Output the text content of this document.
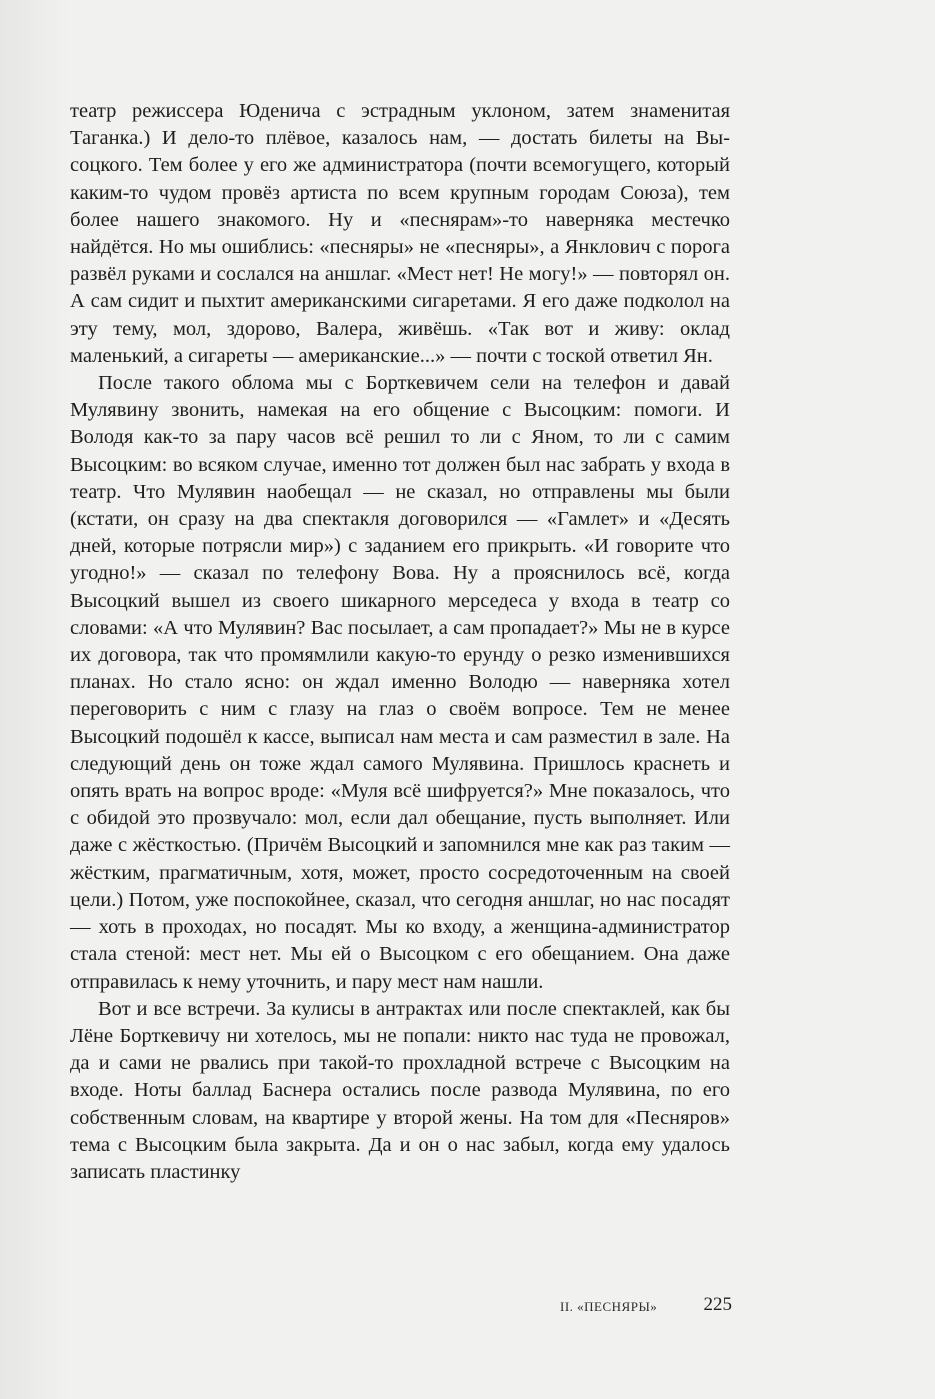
театр режиссера Юденича с эстрадным уклоном, затем знаменитая Таганка.) И дело-то плёвое, казалось нам, — достать билеты на Высоцкого. Тем более у его же администратора (почти всемогущего, который каким-то чудом провёз артиста по всем крупным городам Союза), тем более нашего знакомого. Ну и «песнярам»-то наверняка местечко найдётся. Но мы ошиблись: «песняры» не «песняры», а Янклович с порога развёл руками и сослался на аншлаг. «Мест нет! Не могу!» — повторял он. А сам сидит и пыхтит американскими сигаретами. Я его даже подколол на эту тему, мол, здорово, Валера, живёшь. «Так вот и живу: оклад маленький, а сигареты — американские...» — почти с тоской ответил Ян.

После такого облома мы с Борткевичем сели на телефон и давай Мулявину звонить, намекая на его общение с Высоцким: помоги. И Володя как-то за пару часов всё решил то ли с Яном, то ли с самим Высоцким: во всяком случае, именно тот должен был нас забрать у входа в театр. Что Мулявин наобещал — не сказал, но отправлены мы были (кстати, он сразу на два спектакля договорился — «Гамлет» и «Десять дней, которые потрясли мир») с заданием его прикрыть. «И говорите что угодно!» — сказал по телефону Вова. Ну а прояснилось всё, когда Высоцкий вышел из своего шикарного мерседеса у входа в театр со словами: «А что Мулявин? Вас посылает, а сам пропадает?» Мы не в курсе их договора, так что промямлили какую-то ерунду о резко изменившихся планах. Но стало ясно: он ждал именно Володю — наверняка хотел переговорить с ним с глазу на глаз о своём вопросе. Тем не менее Высоцкий подошёл к кассе, выписал нам места и сам разместил в зале. На следующий день он тоже ждал самого Мулявина. Пришлось краснеть и опять врать на вопрос вроде: «Муля всё шифруется?» Мне показалось, что с обидой это прозвучало: мол, если дал обещание, пусть выполняет. Или даже с жёсткостью. (Причём Высоцкий и запомнился мне как раз таким — жёстким, прагматичным, хотя, может, просто сосредоточенным на своей цели.) Потом, уже поспокойнее, сказал, что сегодня аншлаг, но нас посадят — хоть в проходах, но посадят. Мы ко входу, а женщина-администратор стала стеной: мест нет. Мы ей о Высоцком с его обещанием. Она даже отправилась к нему уточнить, и пару мест нам нашли.

Вот и все встречи. За кулисы в антрактах или после спектаклей, как бы Лёне Борткевичу ни хотелось, мы не попали: никто нас туда не провожал, да и сами не рвались при такой-то прохладной встрече с Высоцким на входе. Ноты баллад Баснера остались после развода Мулявина, по его собственным словам, на квартире у второй жены. На том для «Песняров» тема с Высоцким была закрыта. Да и он о нас забыл, когда ему удалось записать пластинку

II. «ПЕСНЯРЫ» 225
